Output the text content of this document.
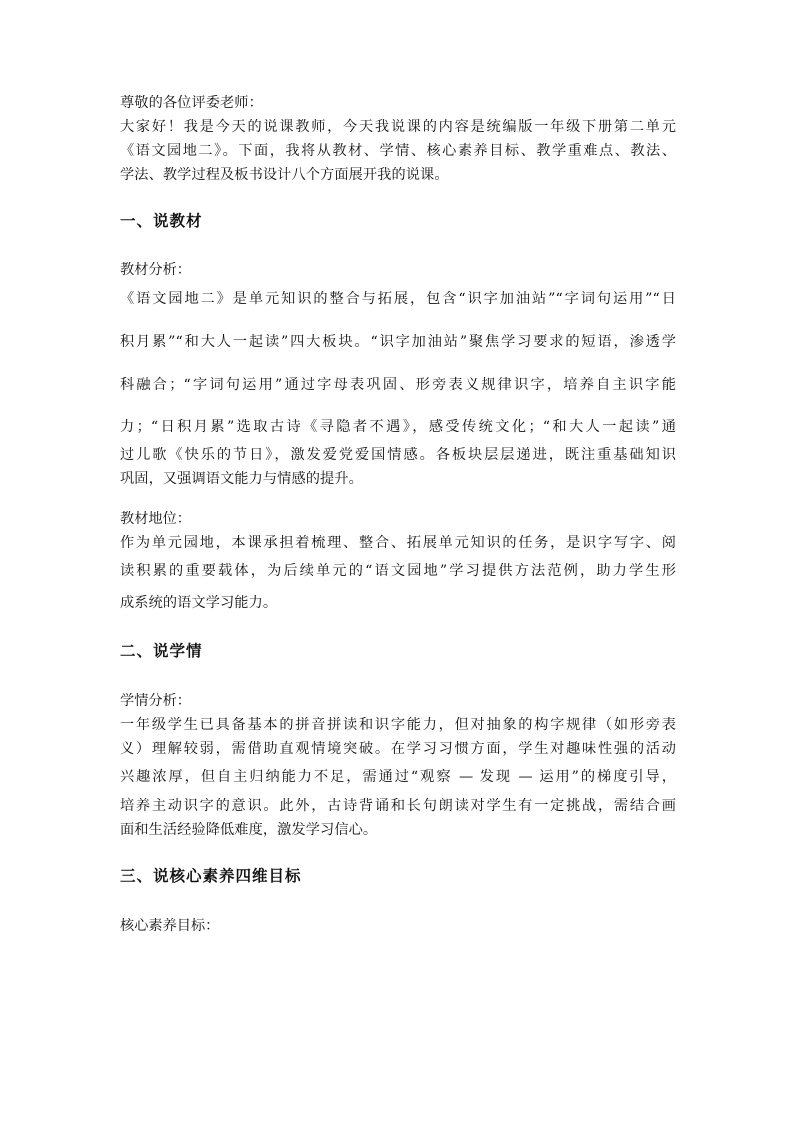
尊敬的各位评委老师：
大家好！我是今天的说课教师，今天我说课的内容是统编版一年级下册第二单元
《语文园地二》。下面，我将从教材、学情、核心素养目标、教学重难点、教法、
学法、教学过程及板书设计八个方面展开我的说课。
一、说教材
教材分析：
《语文园地二》是单元知识的整合与拓展，包含“识字加油站”“字词句运用”“日
积月累”“和大人一起读”四大板块。“识字加油站”聚焦学习要求的短语，渗透学
科融合；“字词句运用”通过字母表巩固、形旁表义规律识字，培养自主识字能
力；“日积月累”选取古诗《寻隐者不遇》，感受传统文化；“和大人一起读”通
过儿歌《快乐的节日》，激发爱党爱国情感。各板块层层递进，既注重基础知识
巩固，又强调语文能力与情感的提升。
教材地位：
作为单元园地，本课承担着梳理、整合、拓展单元知识的任务，是识字写字、阅
读积累的重要载体，为后续单元的“语文园地”学习提供方法范例，助力学生形
成系统的语文学习能力。
二、说学情
学情分析：
一年级学生已具备基本的拼音拼读和识字能力，但对抽象的构字规律（如形旁表
义）理解较弱，需借助直观情境突破。在学习习惯方面，学生对趣味性强的活动
兴趣浓厚，但自主归纳能力不足，需通过“观察 — 发现 — 运用”的梯度引导，
培养主动识字的意识。此外，古诗背诵和长句朗读对学生有一定挑战，需结合画
面和生活经验降低难度，激发学习信心。
三、说核心素养四维目标
核心素养目标：
